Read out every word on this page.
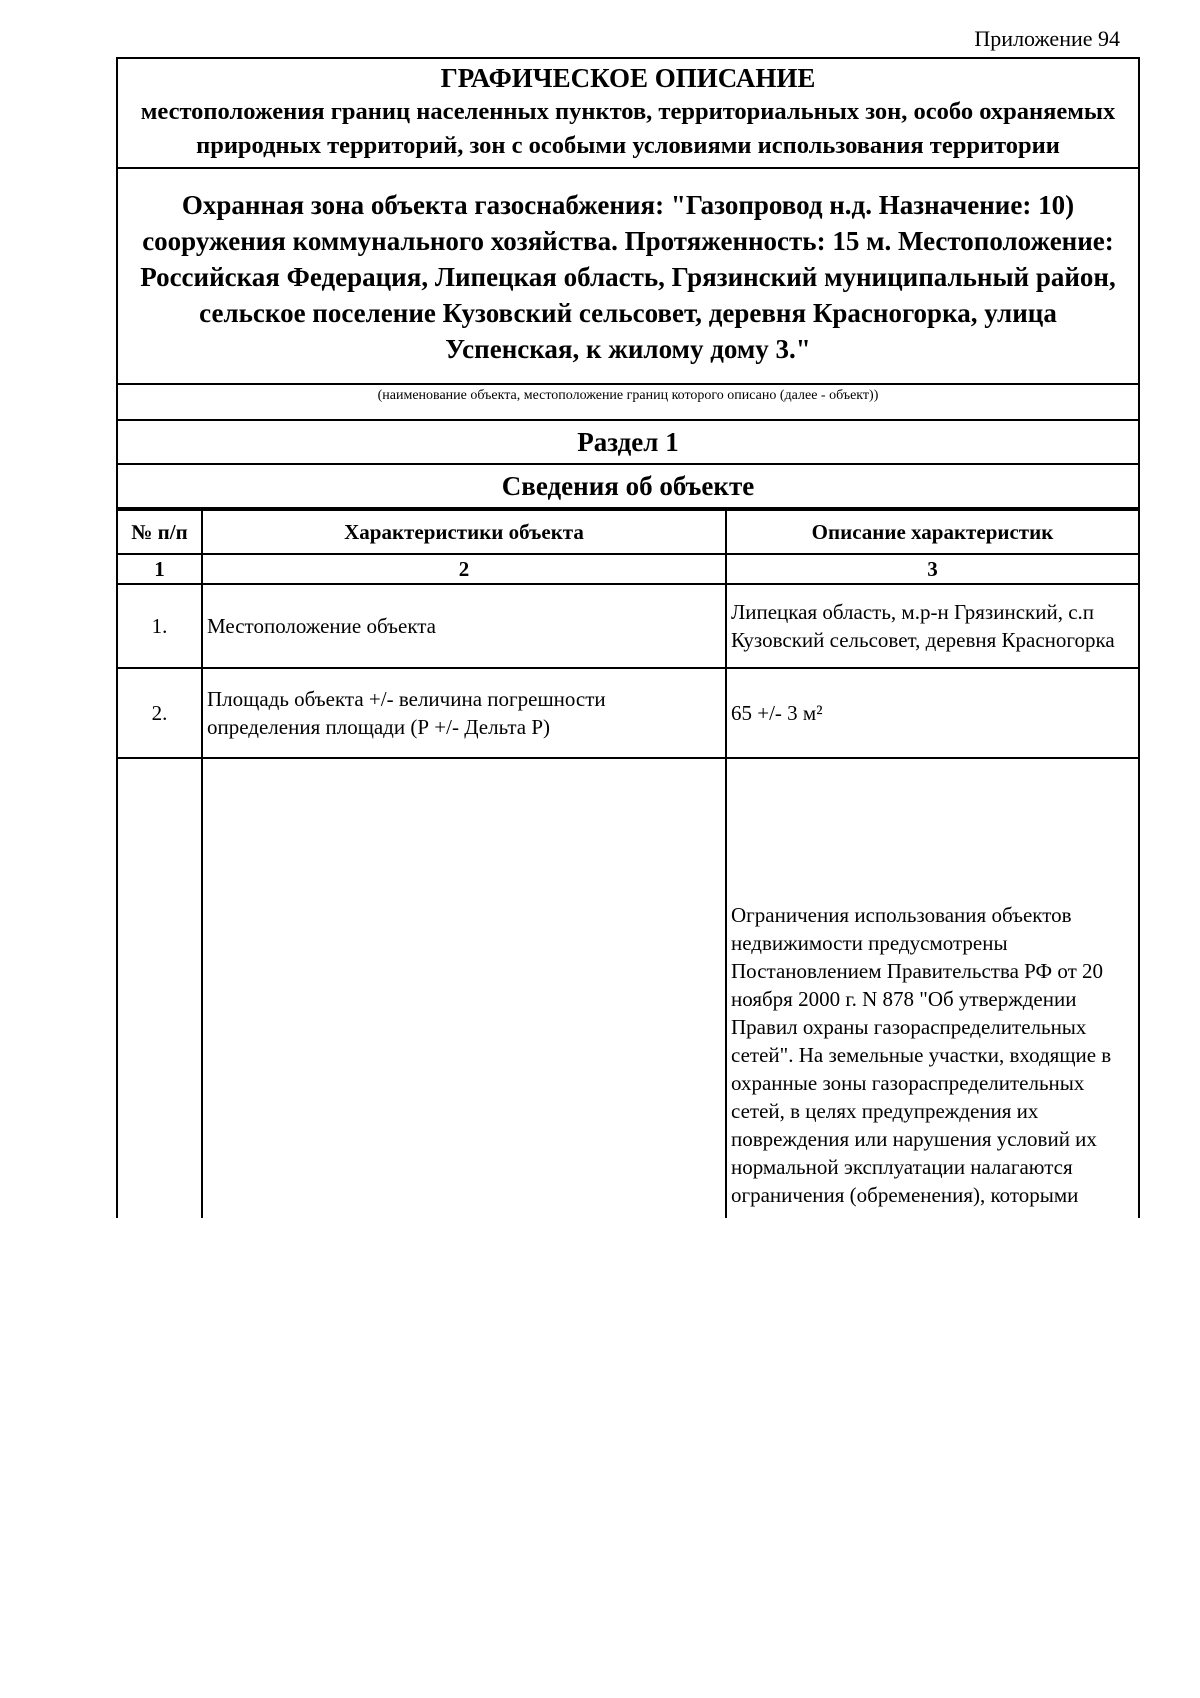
Приложение 94
ГРАФИЧЕСКОЕ ОПИСАНИЕ
местоположения границ населенных пунктов, территориальных зон, особо охраняемых природных территорий, зон с особыми условиями использования территории
Охранная зона объекта газоснабжения: "Газопровод н.д. Назначение: 10) сооружения коммунального хозяйства. Протяженность: 15 м. Местоположение: Российская Федерация, Липецкая область, Грязинский муниципальный район, сельское поселение Кузовский сельсовет, деревня Красногорка, улица Успенская, к жилому дому 3."
(наименование объекта, местоположение границ которого описано (далее - объект))
Раздел 1
Сведения об объекте
№ п/п	Характеристики объекта	Описание характеристик
1	2	3
1.	Местоположение объекта	Липецкая область, м.р-н Грязинский, с.п Кузовский сельсовет, деревня Красногорка
2.	Площадь объекта +/- величина погрешности определения площади (Р +/- Дельта Р)	65 +/- 3 м²

		Ограничения использования объектов недвижимости предусмотрены Постановлением Правительства РФ от 20 ноября 2000 г. N 878 "Об утверждении Правил охраны газораспределительных сетей". На земельные участки, входящие в охранные зоны газораспределительных сетей, в целях предупреждения их повреждения или нарушения условий их нормальной эксплуатации налагаются ограничения (обременения), которыми
